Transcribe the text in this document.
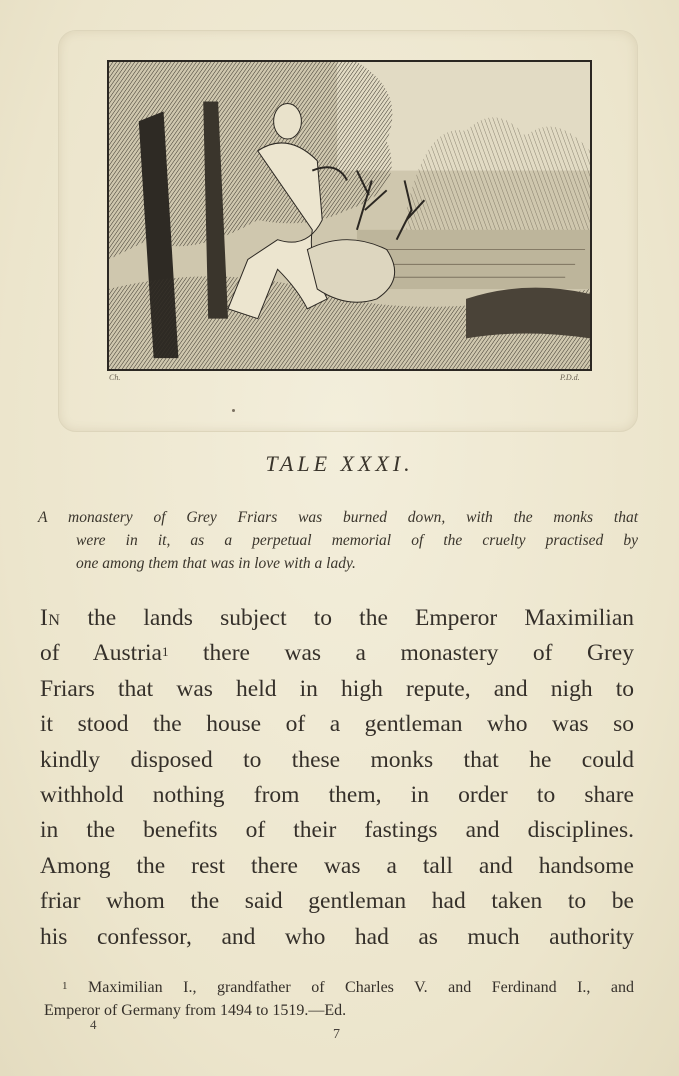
Ch.	P.D.d.
TALE XXXI.
A monastery of Grey Friars was burned down, with the monks that
were in it, as a perpetual memorial of the cruelty practised by
one among them that was in love with a lady.
In the lands subject to the Emperor Maximilian
of Austria$^1$ there was a monastery of Grey
Friars that was held in high repute, and nigh to
it stood the house of a gentleman who was so
kindly disposed to these monks that he could
withhold nothing from them, in order to share
in the benefits of their fastings and disciplines.
Among the rest there was a tall and handsome
friar whom the said gentleman had taken to be
his confessor, and who had as much authority
$^1$ Maximilian I., grandfather of Charles V. and Ferdinand I., and
Emperor of Germany from 1494 to 1519.—Ed.
4
7
